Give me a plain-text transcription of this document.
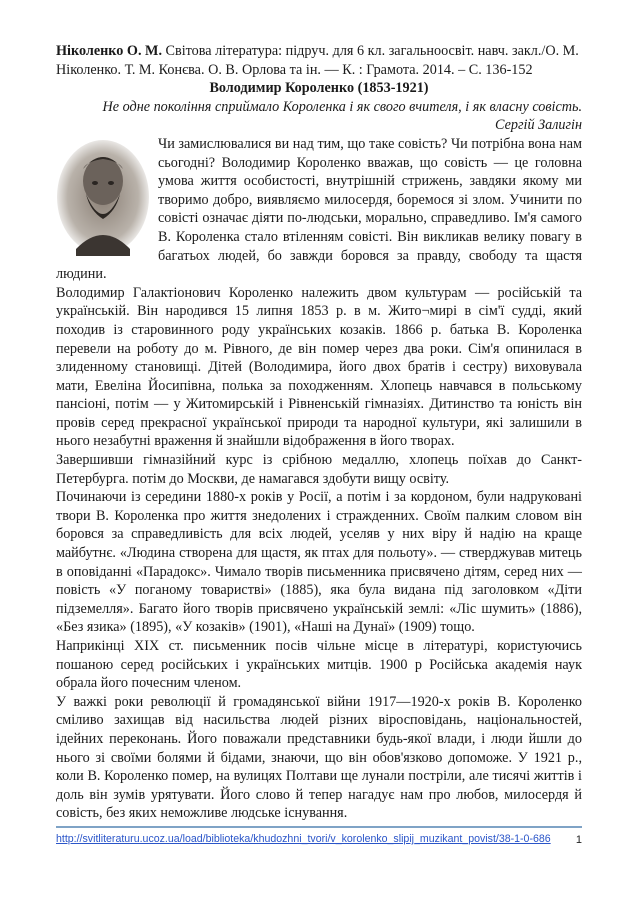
Ніколенко О. М. Світова література: підруч. для 6 кл. загальноосвіт. навч. закл./О. М. Ніколенко. Т. М. Конєва. О. В. Орлова та ін. — К. : Грамота. 2014. – С. 136-152

Володимир Короленко (1853-1921)

Не одне покоління сприймало Короленка і як свого вчителя, і як власну совість.

Сергій Залигін

Чи замислювалися ви над тим, що таке совість? Чи потрібна вона нам сьогодні? Володимир Короленко вважав, що совість — це головна умова життя особистості, внутрішній стрижень, завдяки якому ми творимо добро, виявляємо милосердя, боремося зі злом. Учинити по совісті означає діяти по-людськи, морально, справедливо. Ім'я самого В. Короленка стало втіленням совісті. Він викликав велику повагу в багатьох людей, бо завжди боровся за правду, свободу та щастя людини.

Володимир Галактіонович Короленко належить двом культурам — російській та українській. Він народився 15 липня 1853 р. в м. Жито¬мирі в сім'ї судді, який походив із старовинного роду українських козаків. 1866 р. батька В. Короленка перевели на роботу до м. Рівного, де він помер через два роки. Сім'я опинилася в злиденному становищі. Дітей (Володимира, його двох братів і сестру) виховувала мати, Евеліна Йосипівна, полька за походженням. Хлопець навчався в польському пансіоні, потім — у Житомирській і Рівненській гімназіях. Дитинство та юність він провів серед прекрасної української природи та народної культури, які залишили в нього незабутні враження й знайшли відображення в його творах.

Завершивши гімназійний курс із срібною медаллю, хлопець поїхав до Санкт-Петербурга. потім до Москви, де намагався здобути вищу освіту.

Починаючи із середини 1880-х років у Росії, а потім і за кордоном, були надруковані твори В. Короленка про життя знедолених і стражденних. Своїм палким словом він боровся за справедливість для всіх людей, уселяв у них віру й надію на краще майбутнє. «Людина створена для щастя, як птах для польоту». — стверджував митець в оповіданні «Парадокс». Чимало творів письменника присвячено дітям, серед них — повість «У поганому товаристві» (1885), яка була видана під заголовком «Діти підземелля». Багато його творів присвячено українській землі: «Ліс шумить» (1886), «Без язика» (1895), «У козаків» (1901), «Наші на Дунаї» (1909) тощо.

Наприкінці XIX ст. письменник посів чільне місце в літературі, користуючись пошаною серед російських і українських митців. 1900 р Російська академія наук обрала його почесним членом.

У важкі роки революції й громадянської війни 1917—1920-х років В. Короленко сміливо захищав від насильства людей різних віросповідань, національностей, ідейних переконань. Його поважали представники будь-якої влади, і люди йшли до нього зі своїми болями й бідами, знаючи, що він обов'язково допоможе. У 1921 р., коли В. Короленко помер, на вулицях Полтави ще лунали постріли, але тисячі життів і доль він зумів урятувати. Його слово й тепер нагадує нам про любов, милосердя й совість, без яких неможливе людське існування.

http://svitliteraturu.ucoz.ua/load/biblioteka/khudozhni_tvori/v_korolenko_slipij_muzikant_povist/38-1-0-686	1
